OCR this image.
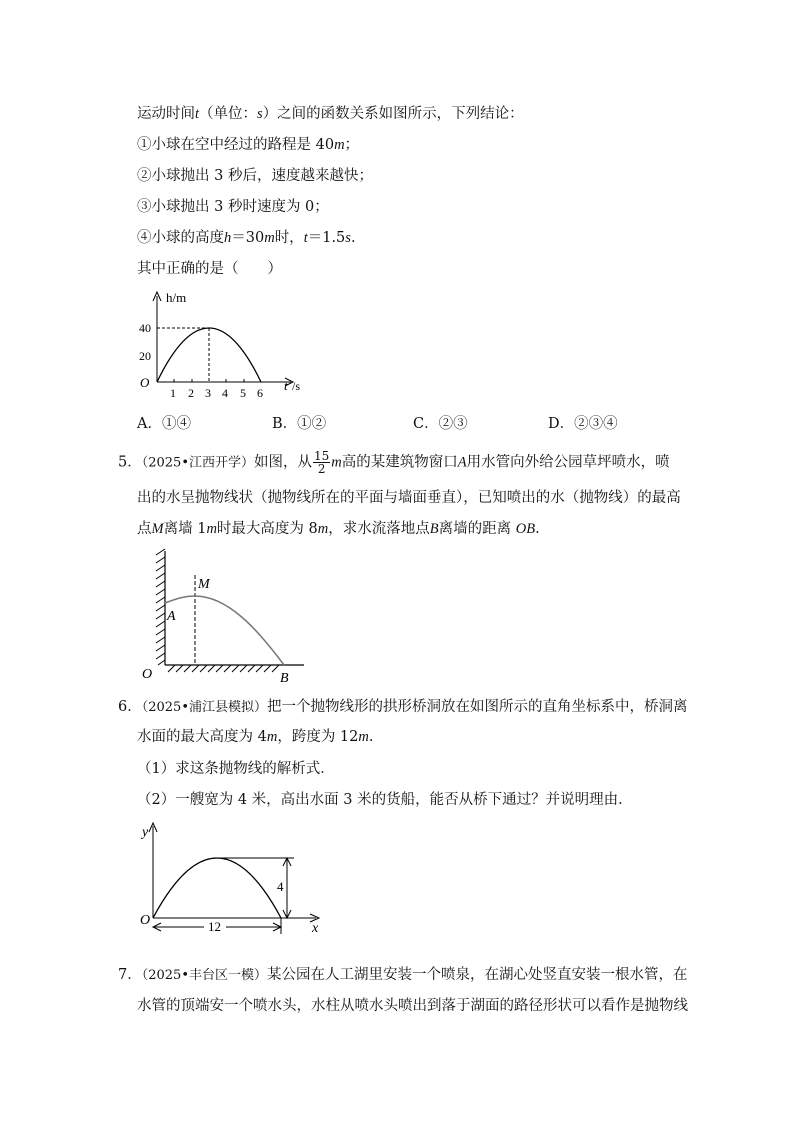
运动时间t（单位：s）之间的函数关系如图所示，下列结论：
①小球在空中经过的路程是 40m；
②小球抛出 3 秒后，速度越来越快；
③小球抛出 3 秒时速度为 0；
④小球的高度h＝30m时，t＝1.5s.
其中正确的是（　　）
h/m
O
40
20
1 2 3 4 5 6 t /s
A．①④	B．①②	C．②③	D．②③④
5．（2025•江西开学）如图，从 $\frac{15}{2}$ m高的某建筑物窗口A用水管向外给公园草坪喷水，喷
出的水呈抛物线状（抛物线所在的平面与墙面垂直），已知喷出的水（抛物线）的最高
点M离墙 1m时最大高度为 8m，求水流落地点B离墙的距离 OB.
M
A
O	B
6．（2025•浦江县模拟）把一个抛物线形的拱形桥洞放在如图所示的直角坐标系中，桥洞离
水面的最大高度为 4m，跨度为 12m.
（1）求这条抛物线的解析式．
（2）一艘宽为 4 米，高出水面 3 米的货船，能否从桥下通过？并说明理由．
y
x
O
4
12
7．（2025•丰台区一模）某公园在人工湖里安装一个喷泉，在湖心处竖直安装一根水管，在
水管的顶端安一个喷水头，水柱从喷水头喷出到落于湖面的路径形状可以看作是抛物线
